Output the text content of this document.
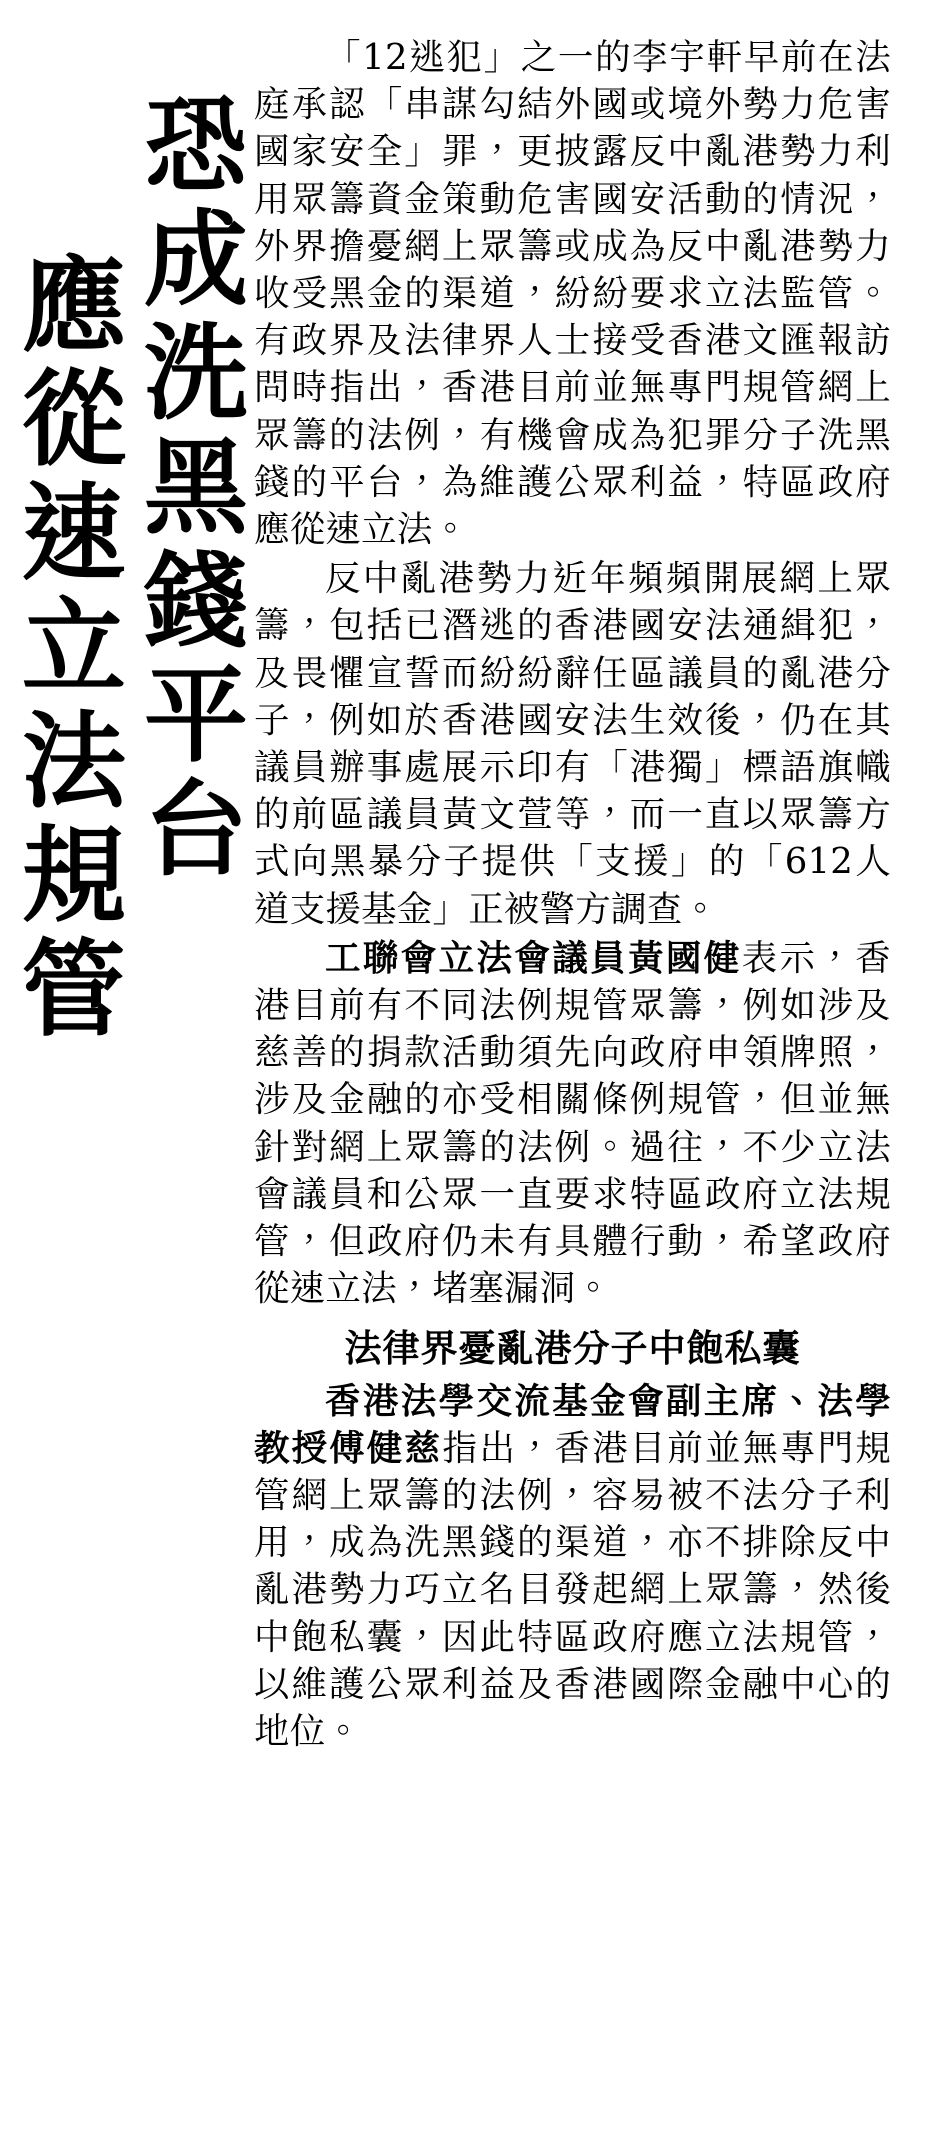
恐成洗黑錢平台
應從速立法規管

「12逃犯」之一的李宇軒早前在法庭承認「串謀勾結外國或境外勢力危害國家安全」罪，更披露反中亂港勢力利用眾籌資金策動危害國安活動的情況，外界擔憂網上眾籌或成為反中亂港勢力收受黑金的渠道，紛紛要求立法監管。有政界及法律界人士接受香港文匯報訪問時指出，香港目前並無專門規管網上眾籌的法例，有機會成為犯罪分子洗黑錢的平台，為維護公眾利益，特區政府應從速立法。

反中亂港勢力近年頻頻開展網上眾籌，包括已潛逃的香港國安法通緝犯，及畏懼宣誓而紛紛辭任區議員的亂港分子，例如於香港國安法生效後，仍在其議員辦事處展示印有「港獨」標語旗幟的前區議員黃文萱等，而一直以眾籌方式向黑暴分子提供「支援」的「612人道支援基金」正被警方調查。

工聯會立法會議員黃國健表示，香港目前有不同法例規管眾籌，例如涉及慈善的捐款活動須先向政府申領牌照，涉及金融的亦受相關條例規管，但並無針對網上眾籌的法例。過往，不少立法會議員和公眾一直要求特區政府立法規管，但政府仍未有具體行動，希望政府從速立法，堵塞漏洞。

法律界憂亂港分子中飽私囊

香港法學交流基金會副主席、法學教授傅健慈指出，香港目前並無專門規管網上眾籌的法例，容易被不法分子利用，成為洗黑錢的渠道，亦不排除反中亂港勢力巧立名目發起網上眾籌，然後中飽私囊，因此特區政府應立法規管，以維護公眾利益及香港國際金融中心的地位。
